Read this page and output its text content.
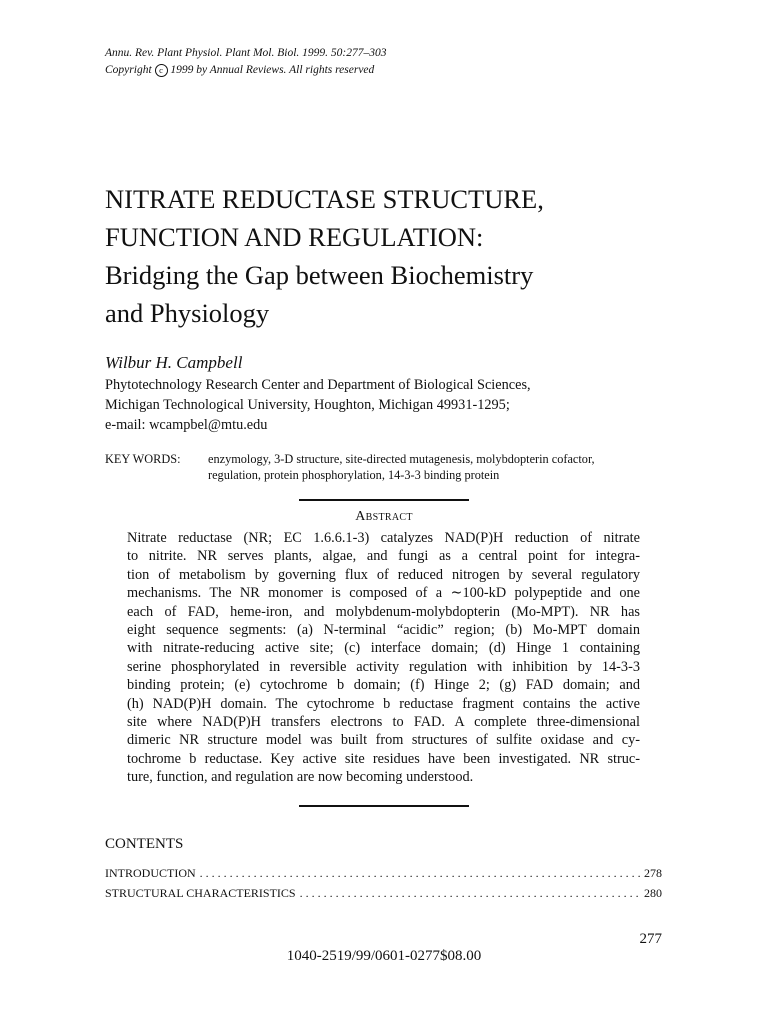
Annu. Rev. Plant Physiol. Plant Mol. Biol. 1999. 50:277–303
Copyright c 1999 by Annual Reviews. All rights reserved
NITRATE REDUCTASE STRUCTURE,
FUNCTION AND REGULATION:
Bridging the Gap between Biochemistry
and Physiology
Wilbur H. Campbell
Phytotechnology Research Center and Department of Biological Sciences,
Michigan Technological University, Houghton, Michigan 49931-1295;
e-mail: wcampbel@mtu.edu
KEY WORDS: enzymology, 3-D structure, site-directed mutagenesis, molybdopterin cofactor,
regulation, protein phosphorylation, 14-3-3 binding protein
Abstract
Nitrate reductase (NR; EC 1.6.6.1-3) catalyzes NAD(P)H reduction of nitrate
to nitrite. NR serves plants, algae, and fungi as a central point for integra-
tion of metabolism by governing flux of reduced nitrogen by several regulatory
mechanisms. The NR monomer is composed of a ∼100-kD polypeptide and one
each of FAD, heme-iron, and molybdenum-molybdopterin (Mo-MPT). NR has
eight sequence segments: (a) N-terminal “acidic” region; (b) Mo-MPT domain
with nitrate-reducing active site; (c) interface domain; (d) Hinge 1 containing
serine phosphorylated in reversible activity regulation with inhibition by 14-3-3
binding protein; (e) cytochrome b domain; (f) Hinge 2; (g) FAD domain; and
(h) NAD(P)H domain. The cytochrome b reductase fragment contains the active
site where NAD(P)H transfers electrons to FAD. A complete three-dimensional
dimeric NR structure model was built from structures of sulfite oxidase and cy-
tochrome b reductase. Key active site residues have been investigated. NR struc-
ture, function, and regulation are now becoming understood.
CONTENTS
INTRODUCTION . . .	278
STRUCTURAL CHARACTERISTICS . . .	280
277
1040-2519/99/0601-0277$08.00
